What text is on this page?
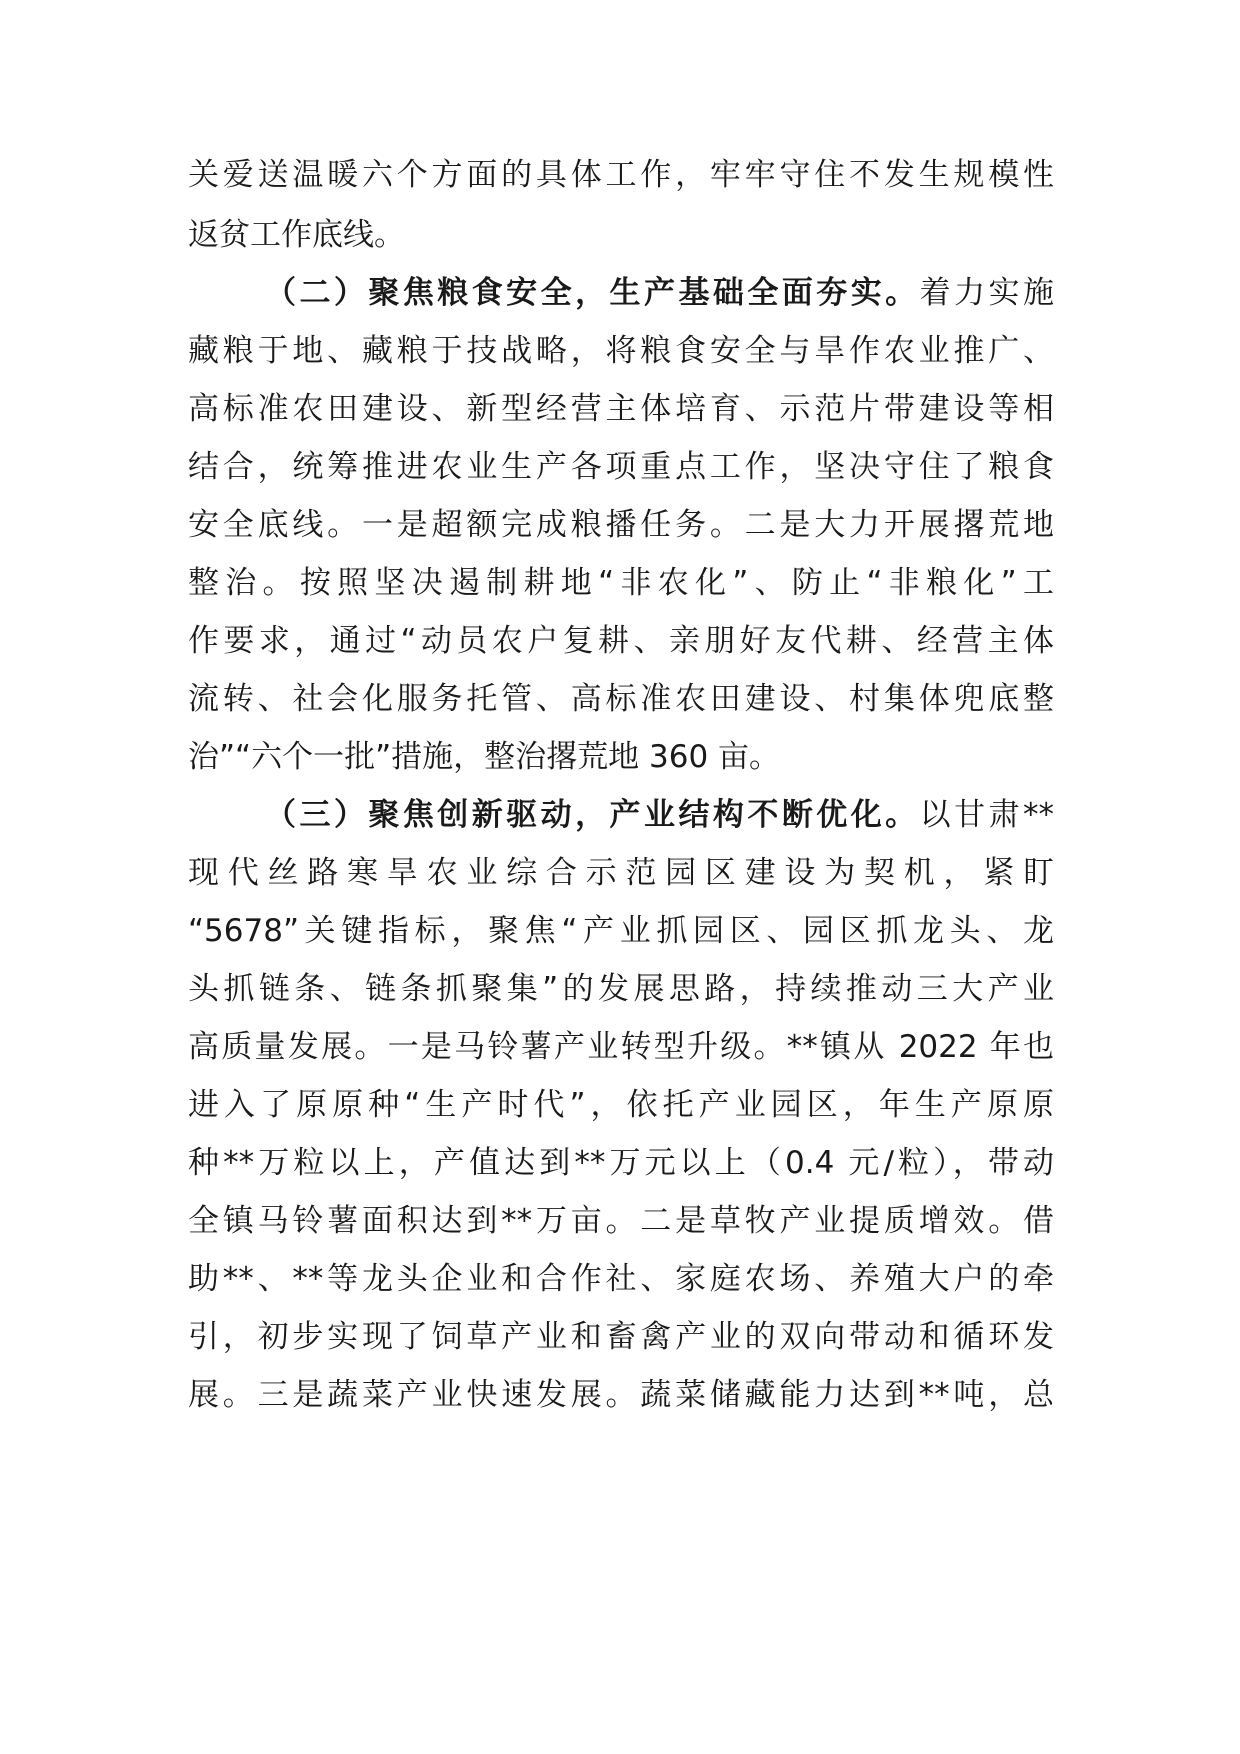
关爱送温暖六个方面的具体工作，牢牢守住不发生规模性
返贫工作底线。
（二）聚焦粮食安全，生产基础全面夯实。着力实施
藏粮于地、藏粮于技战略，将粮食安全与旱作农业推广、
高标准农田建设、新型经营主体培育、示范片带建设等相
结合，统筹推进农业生产各项重点工作，坚决守住了粮食
安全底线。一是超额完成粮播任务。二是大力开展撂荒地
整治。按照坚决遏制耕地“非农化”、防止“非粮化”工
作要求，通过“动员农户复耕、亲朋好友代耕、经营主体
流转、社会化服务托管、高标准农田建设、村集体兜底整
治”“六个一批”措施，整治撂荒地 360 亩。
（三）聚焦创新驱动，产业结构不断优化。以甘肃**
现代丝路寒旱农业综合示范园区建设为契机，紧盯
“5678”关键指标，聚焦“产业抓园区、园区抓龙头、龙
头抓链条、链条抓聚集”的发展思路，持续推动三大产业
高质量发展。一是马铃薯产业转型升级。**镇从 2022 年也
进入了原原种“生产时代”，依托产业园区，年生产原原
种**万粒以上，产值达到**万元以上（0.4 元/粒），带动
全镇马铃薯面积达到**万亩。二是草牧产业提质增效。借
助**、**等龙头企业和合作社、家庭农场、养殖大户的牵
引，初步实现了饲草产业和畜禽产业的双向带动和循环发
展。三是蔬菜产业快速发展。蔬菜储藏能力达到**吨，总
